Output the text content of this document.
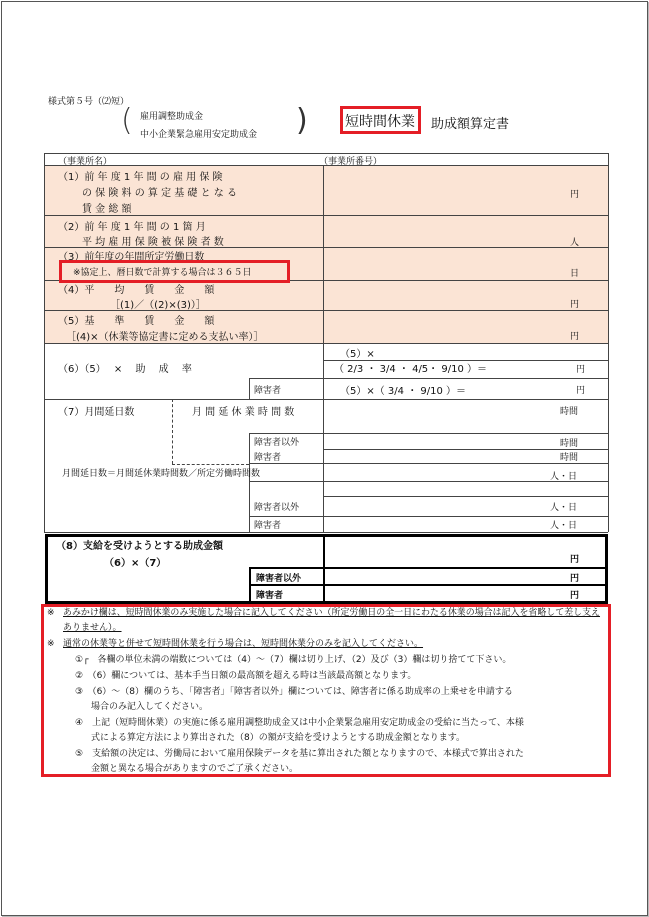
様式第５号（⑵短）
( 雇用調整助成金
中小企業緊急雇用安定助成金 )	短時間休業 助成額算定書
（事業所名）	（事業所番号）
（1）前 年 度 1 年 間 の 雇 用 保 険
の 保 険 料 の 算 定 基 礎 と な る
賃 金 総 額
円
（2）前 年 度 1 年 間 の 1 箇 月
平 均 雇 用 保 険 被 保 険 者 数	人
（3）前年度の年間所定労働日数
※協定上、暦日数で計算する場合は３６５日	日
（4）平　　均　　賃　　金　　額
［(1)／（(2)×(3)）］	円
（5）基　　準　　賃　　金　　額
［(4)×（休業等協定書に定める支払い率）］	円
（6）（5）　 ×　 助　 成　 率
（5）×
（ 2/3 ・ 3/4 ・ 4/5・ 9/10 ）＝	円
障害者	（5）×（ 3/4 ・ 9/10 ）＝	円
（7）月間延日数	月 間 延 休 業 時 間 数	時間
障害者以外	時間
障害者	時間
月間延日数＝月間延休業時間数／所定労働時間数	人・日
障害者以外	人・日
障害者	人・日
（8）支給を受けようとする助成金額
（6）×（7）	円
障害者以外	円
障害者	円
※ あみかけ欄は、短時間休業のみ実施した場合に記入してください（所定労働日の全一日にわたる休業の場合は記入を省略して差し支え
ありません）。
※ 通常の休業等と併せて短時間休業を行う場合は、短時間休業分のみを記入してください。
①┌　各欄の単位未満の端数については（4）～（7）欄は切り上げ、（2）及び（3）欄は切り捨てて下さい。
②　（6）欄については、基本手当日額の最高額を超える時は当該最高額となります。
③　（6）～（8）欄のうち、「障害者」「障害者以外」欄については、障害者に係る助成率の上乗せを申請する
場合のみ記入してください。
④　上記（短時間休業）の実施に係る雇用調整助成金又は中小企業緊急雇用安定助成金の受給に当たって、本様
式による算定方法により算出された（8）の額が支給を受けようとする助成金額となります。
⑤　支給額の決定は、労働局において雇用保険データを基に算出された額となりますので、本様式で算出された
金額と異なる場合がありますのでご了承ください。
